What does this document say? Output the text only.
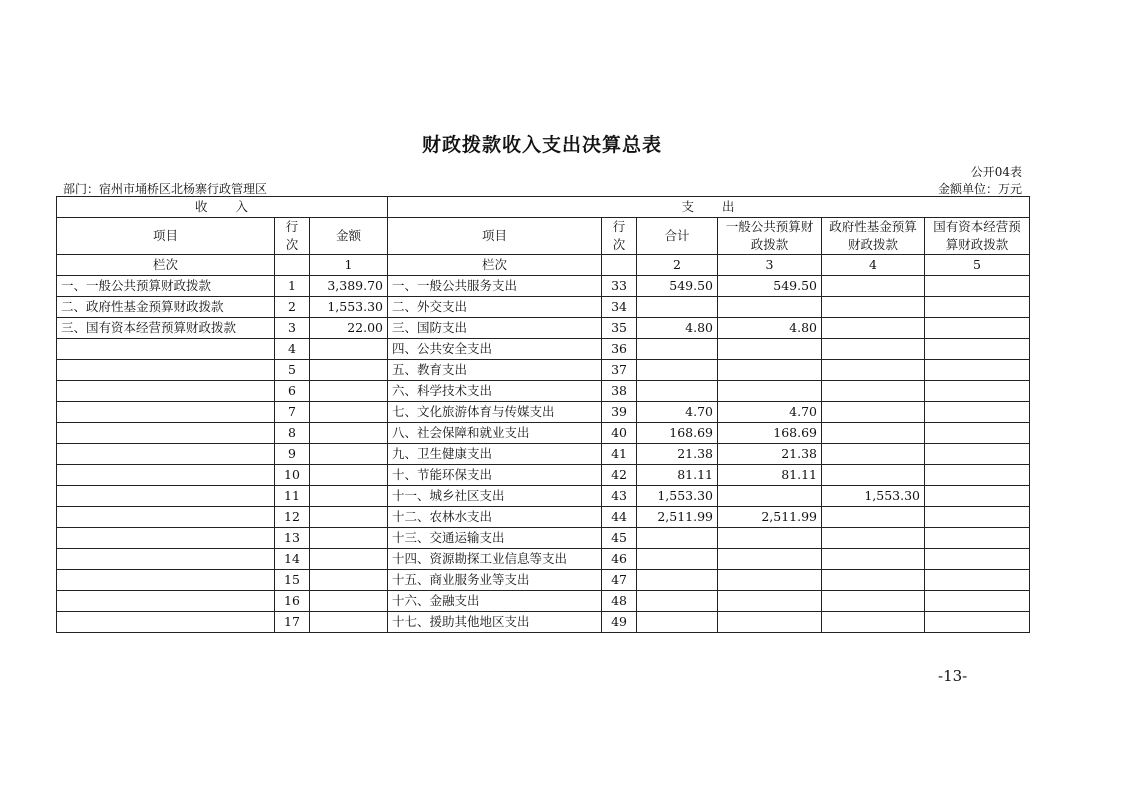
财政拨款收入支出决算总表
公开04表
部门：宿州市埇桥区北杨寨行政管理区	金额单位：万元
收　　入			支　　出					
项目	行次	金额	项目	行次	合计	一般公共预算财政拨款	政府性基金预算财政拨款	国有资本经营预算财政拨款
栏次		1	栏次		2	3	4	5
一、一般公共预算财政拨款	1	3,389.70	一、一般公共服务支出	33	549.50	549.50		
二、政府性基金预算财政拨款	2	1,553.30	二、外交支出	34				
三、国有资本经营预算财政拨款	3	22.00	三、国防支出	35	4.80	4.80		
	4		四、公共安全支出	36				
	5		五、教育支出	37				
	6		六、科学技术支出	38				
	7		七、文化旅游体育与传媒支出	39	4.70	4.70		
	8		八、社会保障和就业支出	40	168.69	168.69		
	9		九、卫生健康支出	41	21.38	21.38		
	10		十、节能环保支出	42	81.11	81.11		
	11		十一、城乡社区支出	43	1,553.30		1,553.30	
	12		十二、农林水支出	44	2,511.99	2,511.99		
	13		十三、交通运输支出	45				
	14		十四、资源勘探工业信息等支出	46				
	15		十五、商业服务业等支出	47				
	16		十六、金融支出	48				
	17		十七、援助其他地区支出	49				
-13-
